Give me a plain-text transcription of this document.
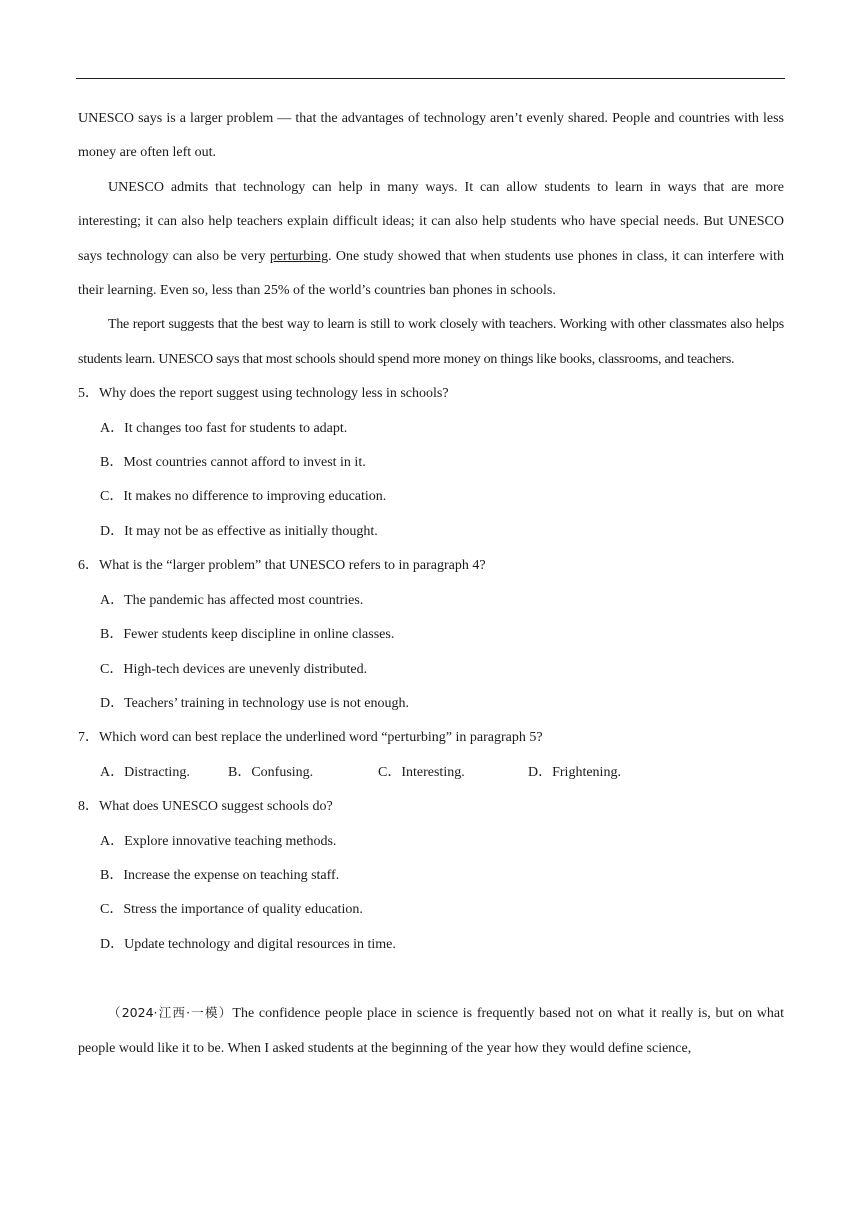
UNESCO says is a larger problem — that the advantages of technology aren’t evenly shared. People and countries with less money are often left out.

UNESCO admits that technology can help in many ways. It can allow students to learn in ways that are more interesting; it can also help teachers explain difficult ideas; it can also help students who have special needs. But UNESCO says technology can also be very perturbing. One study showed that when students use phones in class, it can interfere with their learning. Even so, less than 25% of the world’s countries ban phones in schools.

The report suggests that the best way to learn is still to work closely with teachers. Working with other classmates also helps students learn. UNESCO says that most schools should spend more money on things like books, classrooms, and teachers.

5．Why does the report suggest using technology less in schools?

A．It changes too fast for students to adapt.

B．Most countries cannot afford to invest in it.

C．It makes no difference to improving education.

D．It may not be as effective as initially thought.

6．What is the “larger problem” that UNESCO refers to in paragraph 4?

A．The pandemic has affected most countries.

B．Fewer students keep discipline in online classes.

C．High-tech devices are unevenly distributed.

D．Teachers’ training in technology use is not enough.

7．Which word can best replace the underlined word “perturbing” in paragraph 5?

A．Distracting.	B．Confusing.	C．Interesting.	D．Frightening.

8．What does UNESCO suggest schools do?

A．Explore innovative teaching methods.

B．Increase the expense on teaching staff.

C．Stress the importance of quality education.

D．Update technology and digital resources in time.

（2024·江西·一模）The confidence people place in science is frequently based not on what it really is, but on what people would like it to be. When I asked students at the beginning of the year how they would define science,
